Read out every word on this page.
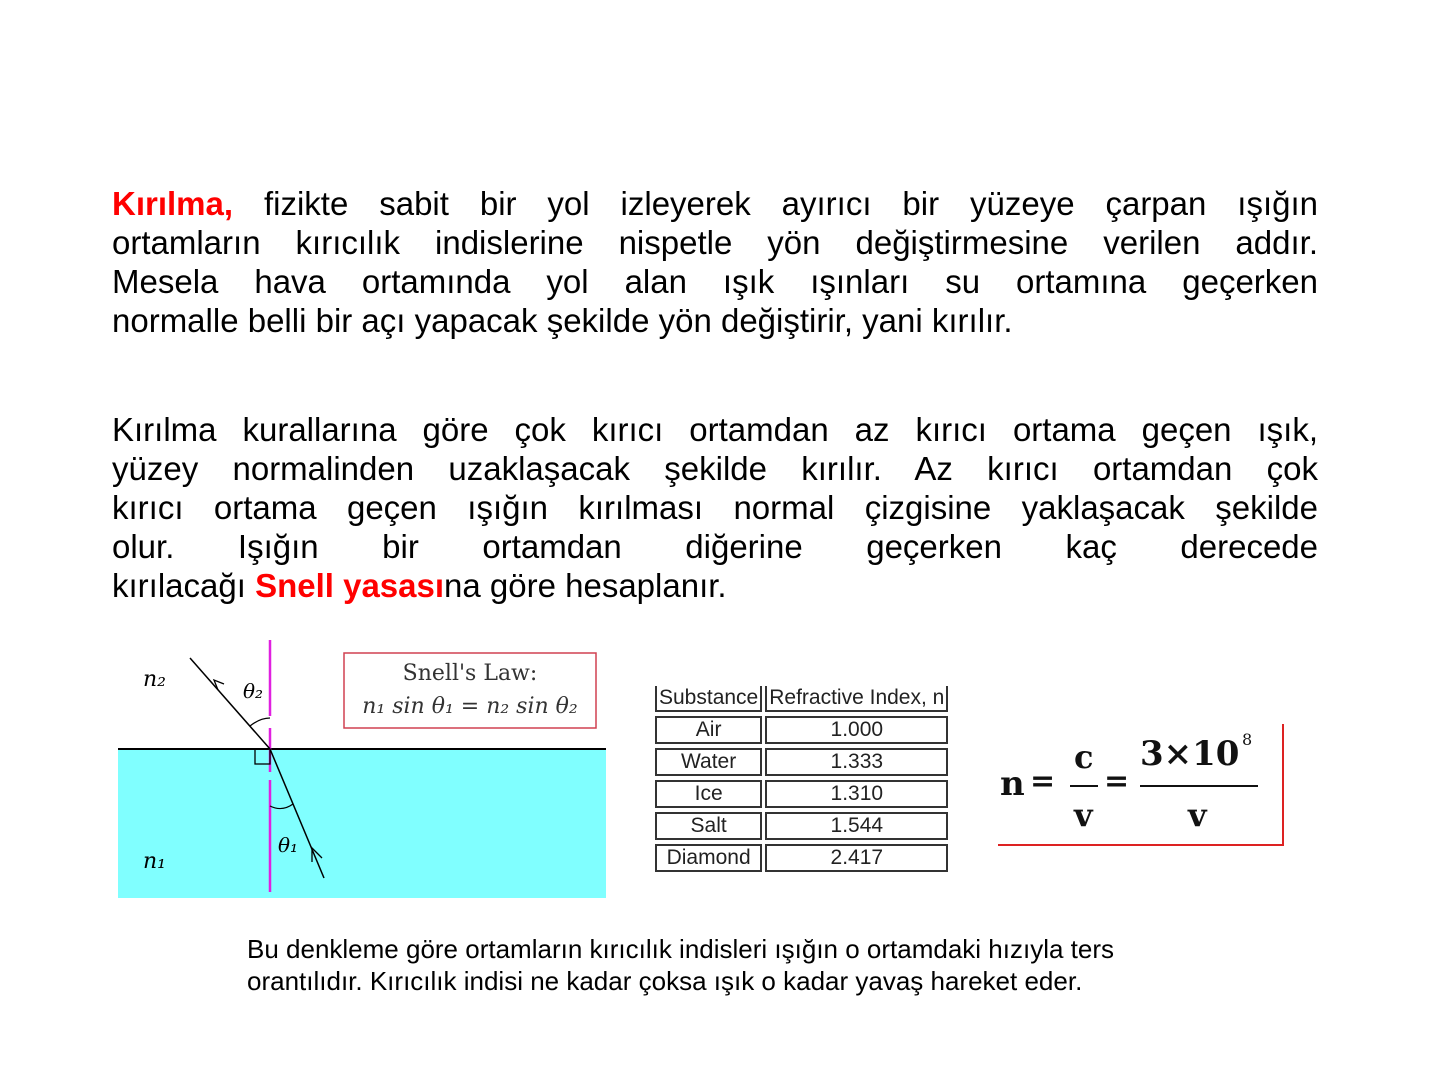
Kırılma, fizikte sabit bir yol izleyerek ayırıcı bir yüzeye çarpan ışığın
ortamların kırıcılık indislerine nispetle yön değiştirmesine verilen addır.
Mesela hava ortamında yol alan ışık ışınları su ortamına geçerken
normalle belli bir açı yapacak şekilde yön değiştirir, yani kırılır.
Kırılma kurallarına göre çok kırıcı ortamdan az kırıcı ortama geçen ışık,
yüzey normalinden uzaklaşacak şekilde kırılır. Az kırıcı ortamdan çok
kırıcı ortama geçen ışığın kırılması normal çizgisine yaklaşacak şekilde
olur. Işığın bir ortamdan diğerine geçerken kaç derecede
kırılacağı Snell yasasına göre hesaplanır.
n₂
n₁
θ₂
θ₁
Snell's Law:
n₁ sin θ₁ = n₂ sin θ₂	Substance	Refractive Index, n
Air	1.000
Water	1.333
Ice	1.310
Salt	1.544
Diamond	2.417
n =
c
v
=
3×10 8
v
Bu denkleme göre ortamların kırıcılık indisleri ışığın o ortamdaki hızıyla ters
orantılıdır. Kırıcılık indisi ne kadar çoksa ışık o kadar yavaş hareket eder.
